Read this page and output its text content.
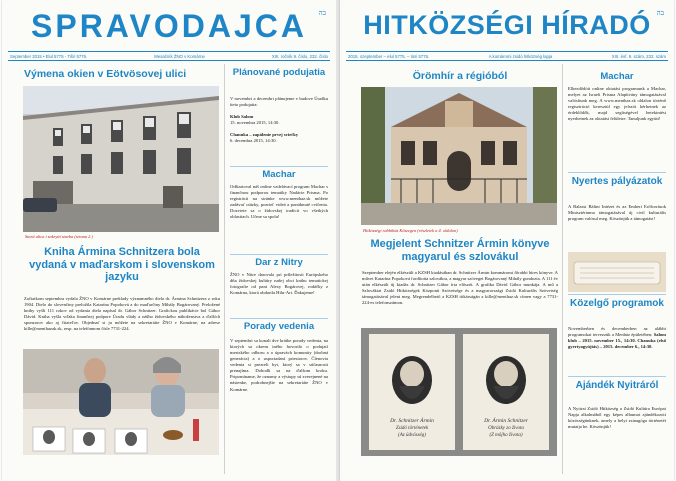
SPRAVODAJCA	בה
September 2015 • Elul 5775 - Tišri 5776.	Mesačník ŽNO v Komárne	XIII. ročník 9. číslo, 232. číslo
Výmena okien v Eötvösovej ulici
Stará ulica i zakrytá stavba (strana 2.)
Kniha Ármina Schnitzera bola vydaná v maďarskom i slovenskom jazyku
Začiatkom septembra vydala ŽNO v Komárne preklady významného diela dr. Ármina Schnitzera z roku 1904. Dielo do slovenčiny preložila Katarína Popoková a do maďarčiny Mihály Bogárovaný. Preložené knihy vyšli 111 rokov od vydania diela napísal dr. Gábor Schnitzer. Grafickou publikácie bol Gábor Dávid. Kniha vyšla vďaka finančnej podpore Úradu vlády a nášho židovského náboženstva a ďalších sponzorov ako aj čitateľov. Objednať si ju môžete na sekretariáte ŽNO v Komárne, na adrese kille@menthazak.sk, resp. na telefónnom čísle 7731-224.
Plánované podujatia
V novembri a decembri plánujeme v budove Úradku tieto podujatia:

Klub Salom
15. novembra 2015, 14:30.

Chanuka – zapálenie prvej sviečky
6. decembra 2015, 14:30.
Machar
Odštartoval náš online vzdelávací program Machar s finančnou podporou tematiky Nadácie Prisma. Po registrácii na stránke www.menthaz.sk môžete zadávať otázky, pozrieť videá a ponúknuté cvičenia. Dozviete sa o židovskej tradícii vo všetkých oblastiach. Učme sa spolu!
Dar z Nitry
ŽNO v Nitre darovala pri príležitosti Európskeho dňa židovskej kultúry našej obci knihu tematickej fotografie od pani Alexy Bogárovej, rodáčky z Komárna, ktorá obdarila Hilu-Art. Ďakujeme!
Porady vedenia
V septembri sa konali dve krátke porady vedenia, na ktorých sa okrem iného hovorilo o podujatí mestského odboru a o úpravách komunity (drobná generácia) a o usporiadaní priestorov. Členovia vedenia si prezreli byt, ktorý sa v súčasnosti prenajíma. Dohodli sa na ďalšom kroku. Pripomíname, že oznamy a výstupy sú zverejnené na nástenke, podrobnejšie na sekretariáte ŽNO v Komárne.
HITKÖZSÉGI HÍRADÓ בה
2015. szeptember – elul 5775. – tisri 5776.	A komáromi zsidó hitközség lapja	XIII. évf. 9. szám, 232. szám
Örömhír a régióból
Hitközségi rabbiház Kőszegen (részletek a 4. oldalon)
Megjelent Schnitzer Ármin könyve magyarul és szlovákul
Szeptember elején elkészült a KZSH kiadásában dr. Schnitzer Ármin kommáromi főrabbi híres könyve. A művet Katarína Popoková fordította szlovákra, a magyar szöveget Bogárovaný Mihály gondozta. A 111 év után elkészült új kiadás dr. Schnitzer Gábor írta előszót. A grafika Dávid Gábor munkája. A mű a Szlovákiai Zsidó Hitközségek Központi Szövetsége és a magyarországi Zsidó Kulturális Szövetség támogatásával jelent meg. Megrendelhető a KZSH titkárságán a kille@menthaz.sk címen vagy a 7731-224-es telefonszámon.
Dr. Schnitzer Ármin
Zsidó történetek
(Az üdvösség)
Dr. Ármin Schnitzer
Obrázky zo života
(Z môjho života)
Machar
Elkezdődött online oktatási programunk a Machar, melyet az Israeli Prisma Alapítvány támogatásával valósítunk meg. A www.menthaz.sk oldalon történő regisztráció keresztül egy jelszót kérhetnek az érdeklődők, majd segítségével betekintést nyerhetnek az oktatási felületre. Tanuljunk együtt!
Nyertes pályázatok
A Balassi Bálint Intézet és az Emberi Erőforrások Minisztériuma támogatásával új civil kulturális program valósul meg. Köszönjük a támogatást!
Közelgő programok
Novemberben és decemberben az alábbi programokat tervezzük a Menház épületében: Salom klub – 2015. november 15., 14:30. Chanuka (első gyertyagyújtás) – 2015. december 6., 14:30.
Ajándék Nyitráról
A Nyitrai Zsidó Hitközség a Zsidó Kultúra Európai Napja alkalmából egy képes albumot ajándékozott közösségünknek, amely a helyi zsinagóga történetét mutatja be. Köszönjük!
